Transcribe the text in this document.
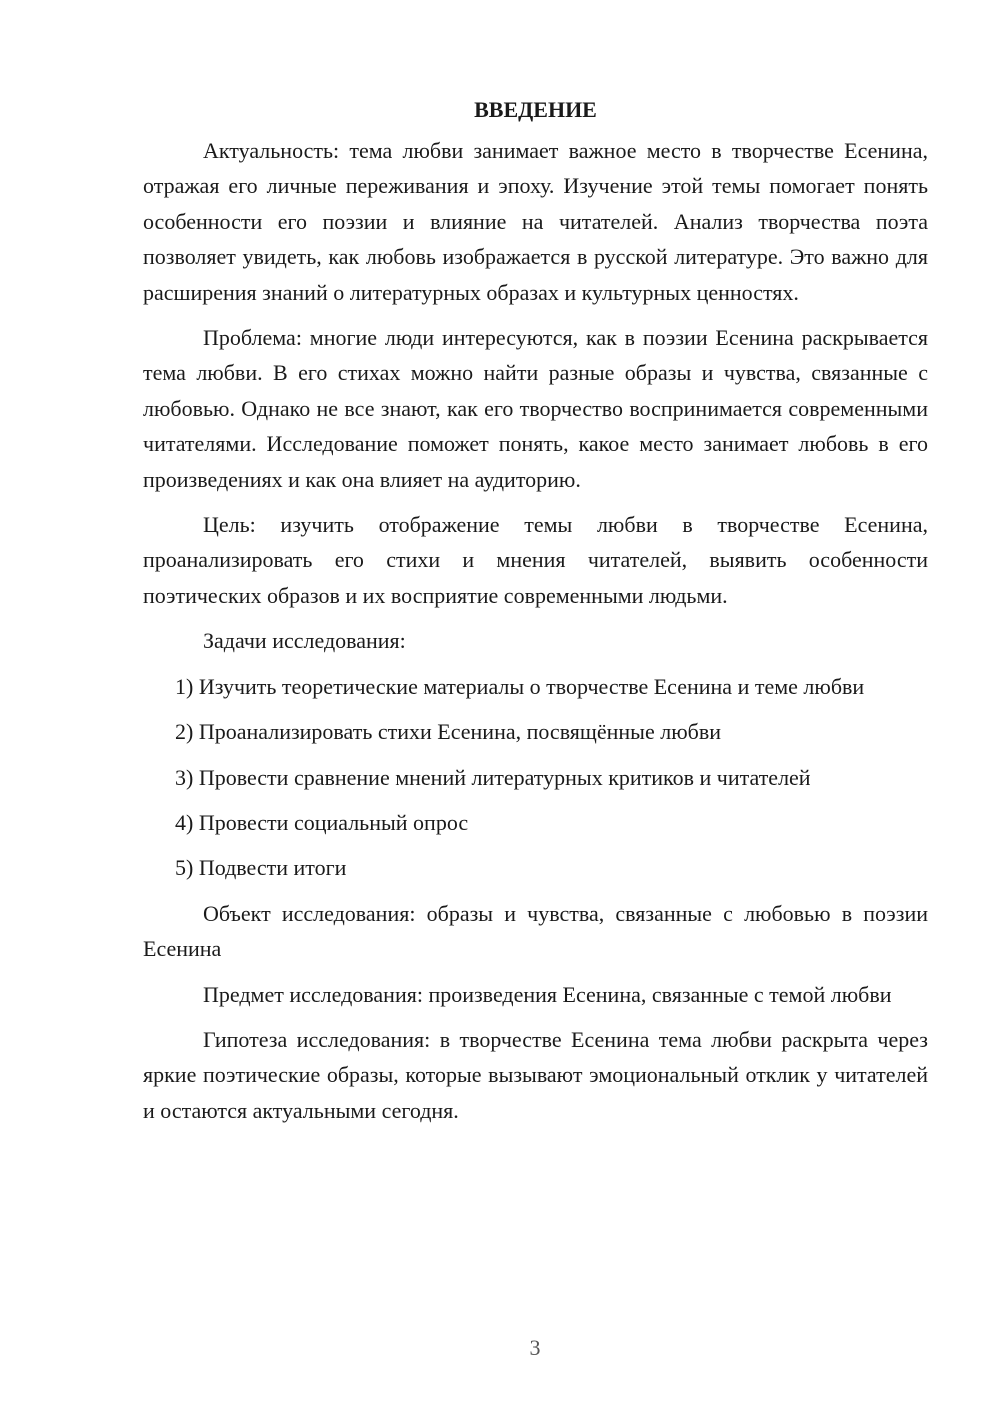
ВВЕДЕНИЕ

Актуальность: тема любви занимает важное место в творчестве Есенина, отражая его личные переживания и эпоху. Изучение этой темы помогает понять особенности его поэзии и влияние на читателей. Анализ творчества поэта позволяет увидеть, как любовь изображается в русской литературе. Это важно для расширения знаний о литературных образах и культурных ценностях.

Проблема: многие люди интересуются, как в поэзии Есенина раскрывается тема любви. В его стихах можно найти разные образы и чувства, связанные с любовью. Однако не все знают, как его творчество воспринимается современными читателями. Исследование поможет понять, какое место занимает любовь в его произведениях и как она влияет на аудиторию.

Цель: изучить отображение темы любви в творчестве Есенина, проанализировать его стихи и мнения читателей, выявить особенности поэтических образов и их восприятие современными людьми.

Задачи исследования:

1) Изучить теоретические материалы о творчестве Есенина и теме любви

2) Проанализировать стихи Есенина, посвящённые любви

3) Провести сравнение мнений литературных критиков и читателей

4) Провести социальный опрос

5) Подвести итоги

Объект исследования: образы и чувства, связанные с любовью в поэзии Есенина

Предмет исследования: произведения Есенина, связанные с темой любви

Гипотеза исследования: в творчестве Есенина тема любви раскрыта через яркие поэтические образы, которые вызывают эмоциональный отклик у читателей и остаются актуальными сегодня.

3
